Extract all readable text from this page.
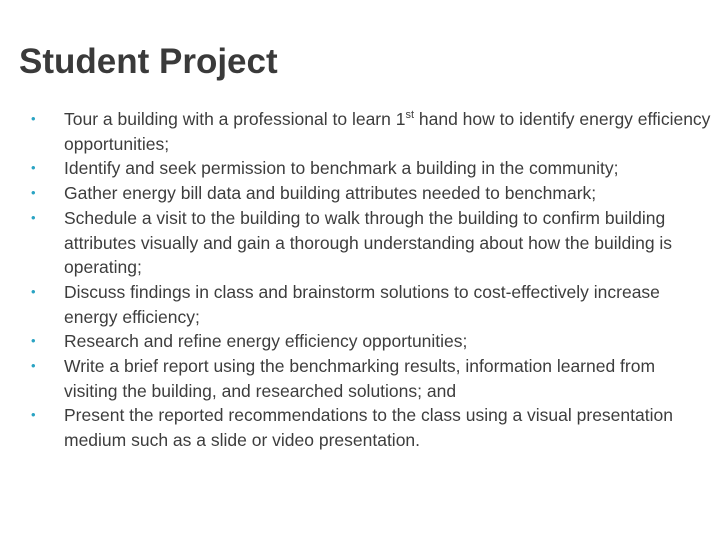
Student Project
•	Tour a building with a professional to learn 1st hand how to identify energy efficiency opportunities;
•	Identify and seek permission to benchmark a building in the community;
•	Gather energy bill data and building attributes needed to benchmark;
•	Schedule a visit to the building to walk through the building to confirm building attributes visually and gain a thorough understanding about how the building is operating;
•	Discuss findings in class and brainstorm solutions to cost-effectively increase energy efficiency;
•	Research and refine energy efficiency opportunities;
•	Write a brief report using the benchmarking results, information learned from visiting the building, and researched solutions; and
•	Present the reported recommendations to the class using a visual presentation medium such as a slide or video presentation.
